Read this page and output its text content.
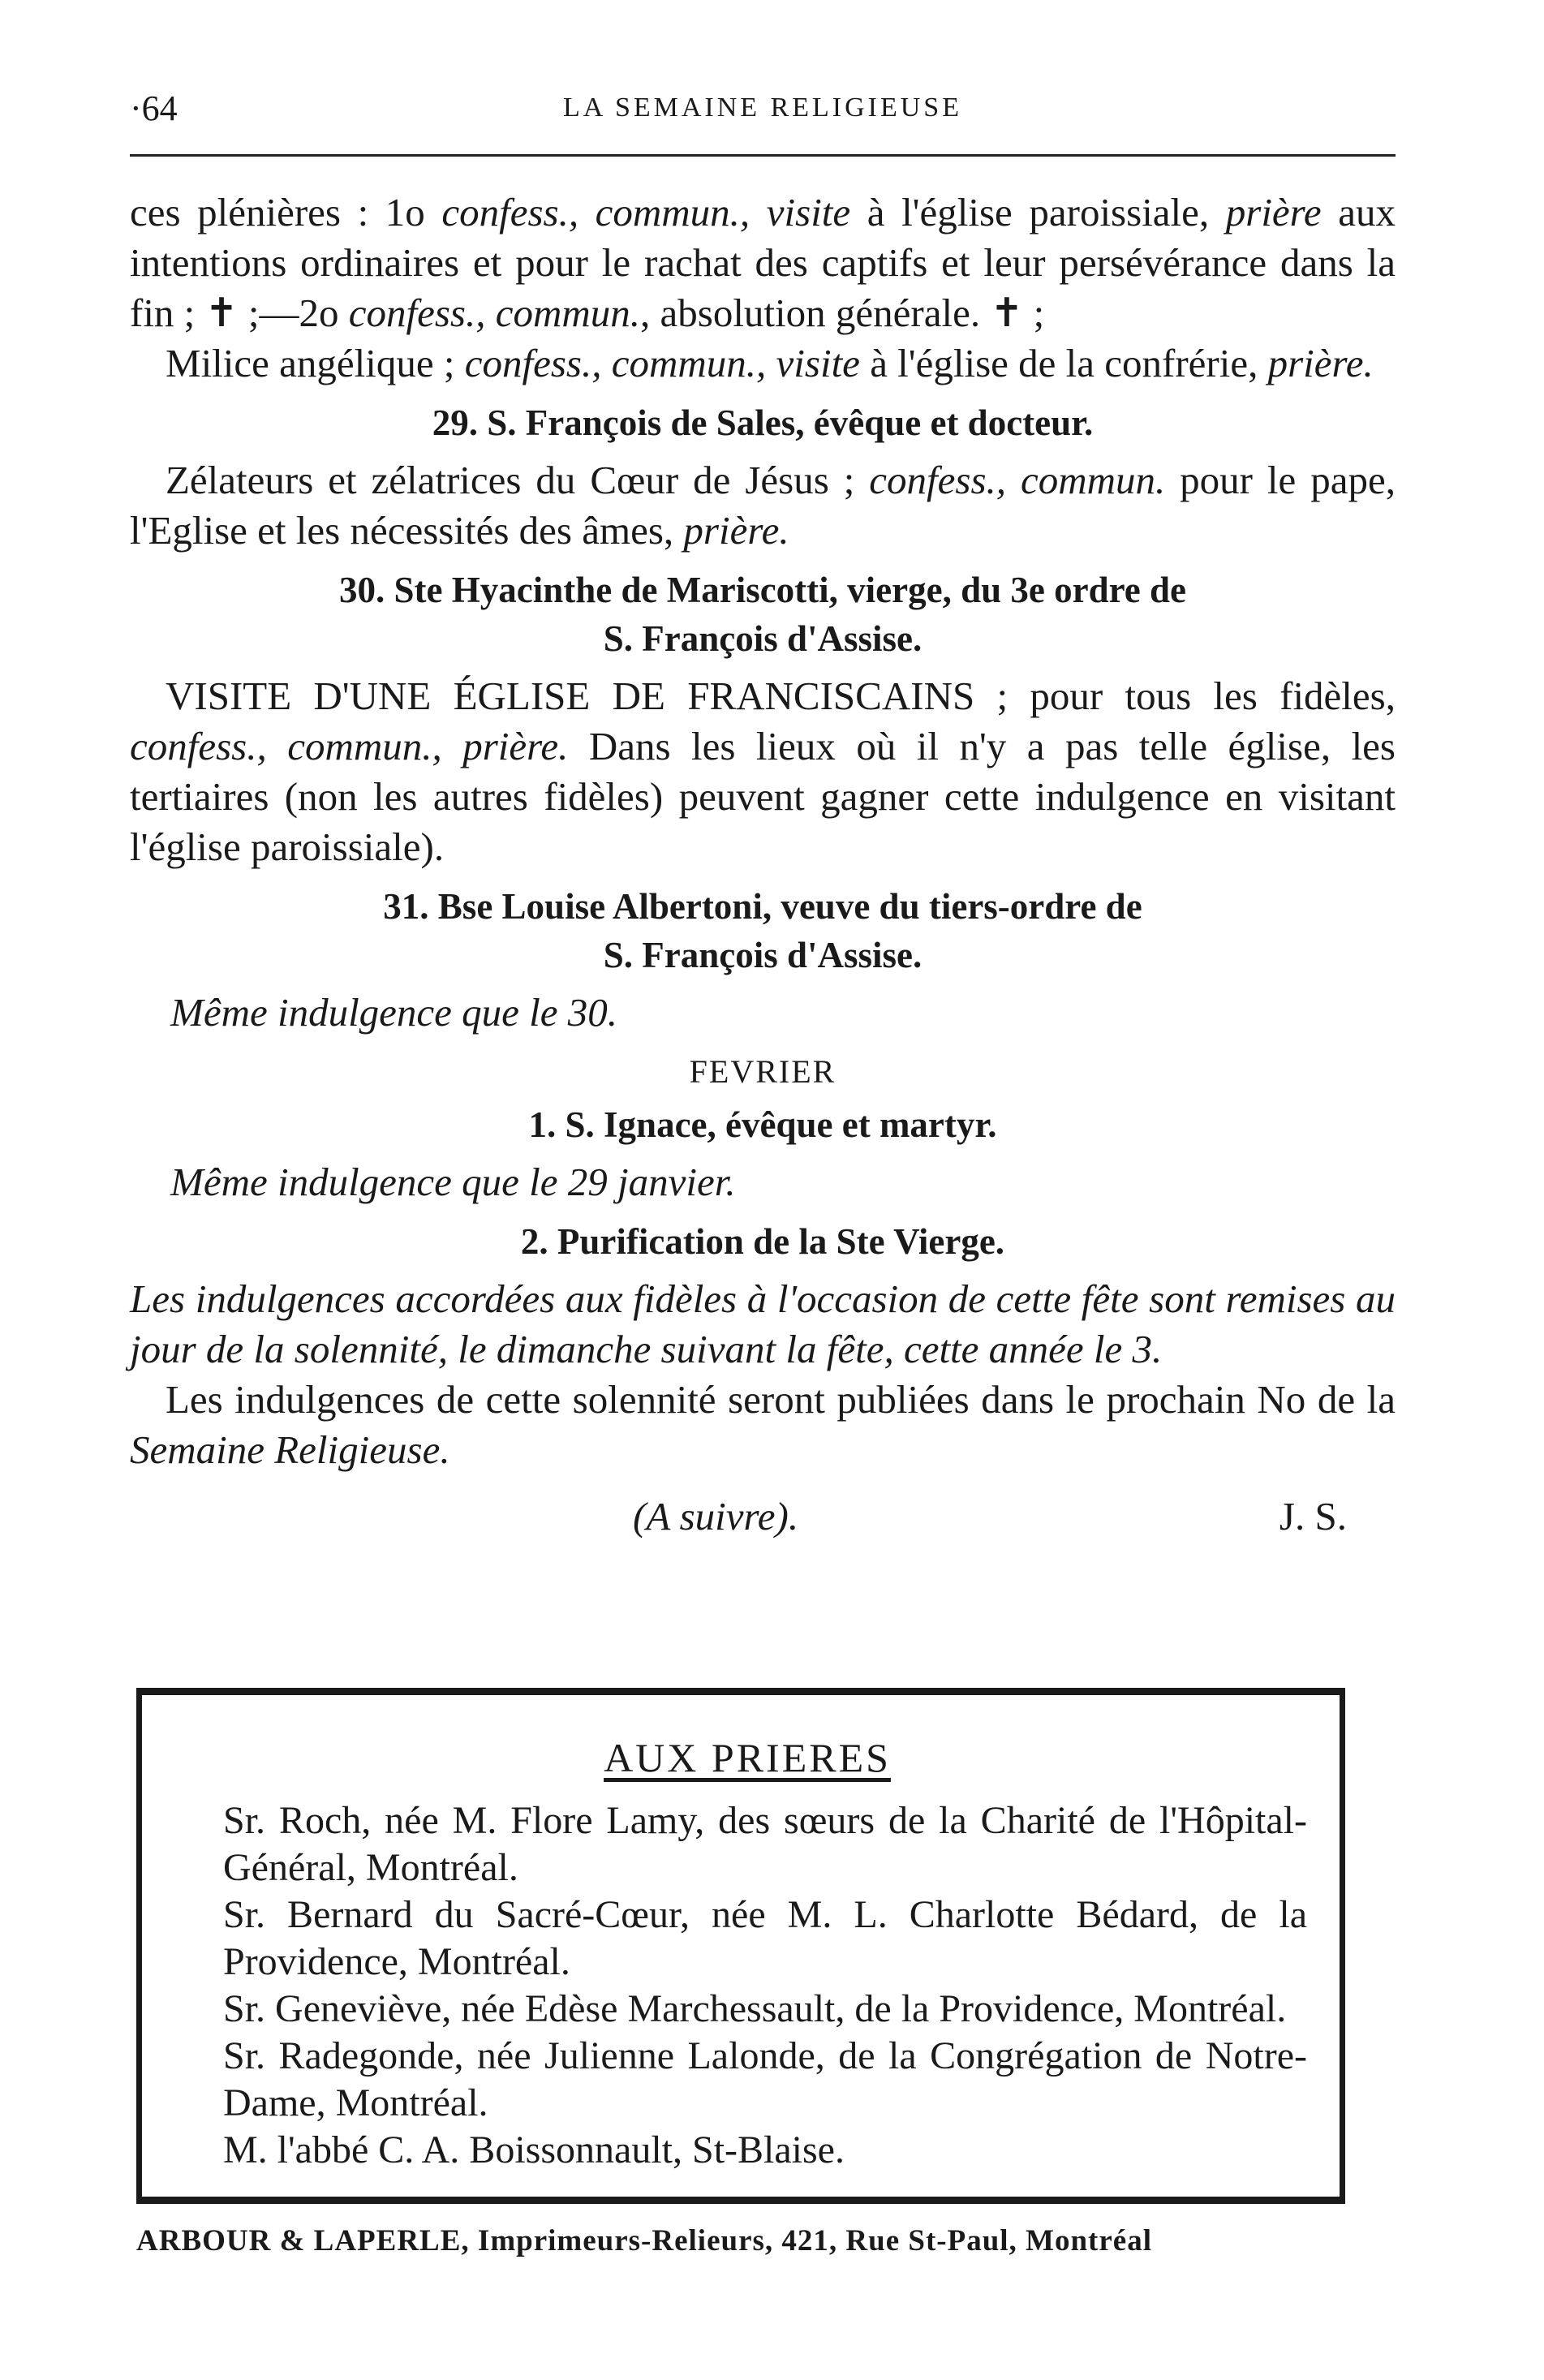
·64	LA SEMAINE RELIGIEUSE

ces plénières : 1o confess., commun., visite à l'église paroissiale, prière aux intentions ordinaires et pour le rachat des captifs et leur persévérance dans la fin ; ✝ ;—2o confess., commun., absolution générale. ✝ ;

Milice angélique ; confess., commun., visite à l'église de la confrérie, prière.

29. S. François de Sales, évêque et docteur.

Zélateurs et zélatrices du Cœur de Jésus ; confess., commun. pour le pape, l'Eglise et les nécessités des âmes, prière.

30. Ste Hyacinthe de Mariscotti, vierge, du 3e ordre de
S. François d'Assise.

VISITE D'UNE ÉGLISE DE FRANCISCAINS ; pour tous les fidèles, confess., commun., prière. Dans les lieux où il n'y a pas telle église, les tertiaires (non les autres fidèles) peuvent gagner cette indulgence en visitant l'église paroissiale).

31. Bse Louise Albertoni, veuve du tiers-ordre de
S. François d'Assise.
Même indulgence que le 30.
FEVRIER
1. S. Ignace, évêque et martyr.
Même indulgence que le 29 janvier.
2. Purification de la Ste Vierge.

Les indulgences accordées aux fidèles à l'occasion de cette fête sont remises au jour de la solennité, le dimanche suivant la fête, cette année le 3.

Les indulgences de cette solennité seront publiées dans le prochain No de la Semaine Religieuse.

(A suivre).	J. S.
AUX PRIERES

Sr. Roch, née M. Flore Lamy, des sœurs de la Charité de l'Hôpital-Général, Montréal.

Sr. Bernard du Sacré-Cœur, née M. L. Charlotte Bédard, de la Providence, Montréal.

Sr. Geneviève, née Edèse Marchessault, de la Providence, Montréal.

Sr. Radegonde, née Julienne Lalonde, de la Congrégation de Notre-Dame, Montréal.

M. l'abbé C. A. Boissonnault, St-Blaise.

ARBOUR & LAPERLE, Imprimeurs-Relieurs, 421, Rue St-Paul, Montréal
